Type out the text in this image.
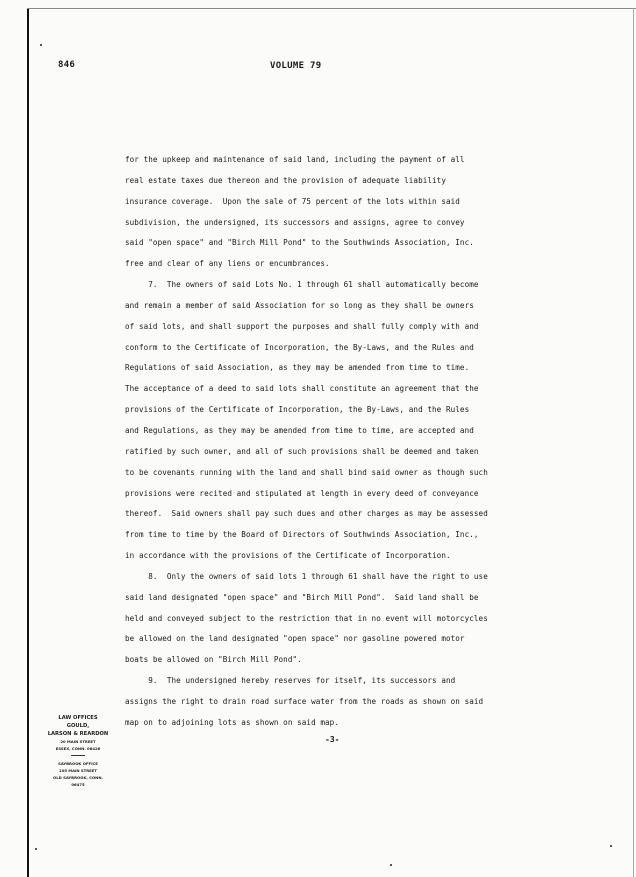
846	VOLUME 79
for the upkeep and maintenance of said land, including the payment of all
real estate taxes due thereon and the provision of adequate liability
insurance coverage.  Upon the sale of 75 percent of the lots within said
subdivision, the undersigned, its successors and assigns, agree to convey
said "open space" and "Birch Mill Pond" to the Southwinds Association, Inc.
free and clear of any liens or encumbrances.
7.  The owners of said Lots No. 1 through 61 shall automatically become
and remain a member of said Association for so long as they shall be owners
of said lots, and shall support the purposes and shall fully comply with and
conform to the Certificate of Incorporation, the By-Laws, and the Rules and
Regulations of said Association, as they may be amended from time to time.
The acceptance of a deed to said lots shall constitute an agreement that the
provisions of the Certificate of Incorporation, the By-Laws, and the Rules
and Regulations, as they may be amended from time to time, are accepted and
ratified by such owner, and all of such provisions shall be deemed and taken
to be covenants running with the land and shall bind said owner as though such
provisions were recited and stipulated at length in every deed of conveyance
thereof.  Said owners shall pay such dues and other charges as may be assessed
from time to time by the Board of Directors of Southwinds Association, Inc.,
in accordance with the provisions of the Certificate of Incorporation.
8.  Only the owners of said lots 1 through 61 shall have the right to use
said land designated "open space" and "Birch Mill Pond".  Said land shall be
held and conveyed subject to the restriction that in no event will motorcycles
be allowed on the land designated "open space" nor gasoline powered motor
boats be allowed on "Birch Mill Pond".
9.  The undersigned hereby reserves for itself, its successors and
assigns the right to drain road surface water from the roads as shown on said
map on to adjoining lots as shown on said map.
-3-
LAW OFFICES
GOULD,
LARSON & REARDON
20 MAIN STREET
ESSEX, CONN. 06426
SAYBROOK OFFICE
105 MAIN STREET
OLD SAYBROOK, CONN.
06475
